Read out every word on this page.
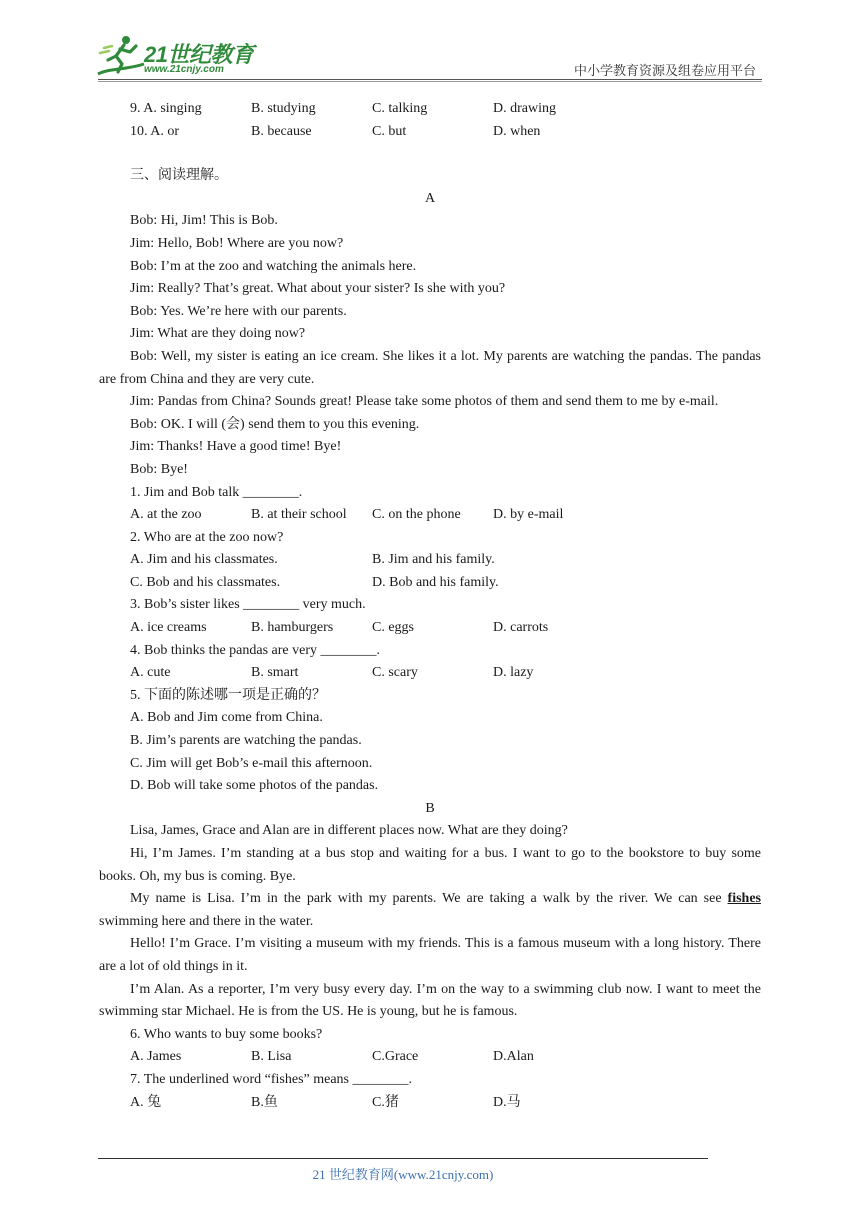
21世纪教育
www.21cnjy.com	中小学教育资源及组卷应用平台
9. A. singing	B. studying	C. talking	D. drawing
10. A. or	B. because	C. but	D. when
三、阅读理解。
A
Bob: Hi, Jim! This is Bob.
Jim: Hello, Bob! Where are you now?
Bob: I’m at the zoo and watching the animals here.
Jim: Really? That’s great. What about your sister? Is she with you?
Bob: Yes. We’re here with our parents.
Jim: What are they doing now?
Bob: Well, my sister is eating an ice cream. She likes it a lot. My parents are watching the pandas. The pandas are from China and they are very cute.
Jim: Pandas from China? Sounds great! Please take some photos of them and send them to me by e-mail.
Bob: OK. I will (会) send them to you this evening.
Jim: Thanks! Have a good time! Bye!
Bob: Bye!
1. Jim and Bob talk ________.
A. at the zoo	B. at their school	C. on the phone	D. by e-mail
2. Who are at the zoo now?
A. Jim and his classmates.	B. Jim and his family.
C. Bob and his classmates.	D. Bob and his family.
3. Bob’s sister likes ________ very much.
A. ice creams	B. hamburgers	C. eggs	D. carrots
4. Bob thinks the pandas are very ________.
A. cute	B. smart	C. scary	D. lazy
5. 下面的陈述哪一项是正确的？
A. Bob and Jim come from China.
B. Jim’s parents are watching the pandas.
C. Jim will get Bob’s e-mail this afternoon.
D. Bob will take some photos of the pandas.
B
Lisa, James, Grace and Alan are in different places now. What are they doing?
Hi, I’m James. I’m standing at a bus stop and waiting for a bus. I want to go to the bookstore to buy some books. Oh, my bus is coming. Bye.
My name is Lisa. I’m in the park with my parents. We are taking a walk by the river. We can see fishes swimming here and there in the water.
Hello! I’m Grace. I’m visiting a museum with my friends. This is a famous museum with a long history. There are a lot of old things in it.
I’m Alan. As a reporter, I’m very busy every day. I’m on the way to a swimming club now. I want to meet the swimming star Michael. He is from the US. He is young, but he is famous.
6. Who wants to buy some books?
A. James	B. Lisa	C.Grace	D.Alan
7. The underlined word “fishes” means ________.
A. 兔	B.鱼	C.猪	D.马
21 世纪教育网(www.21cnjy.com)
